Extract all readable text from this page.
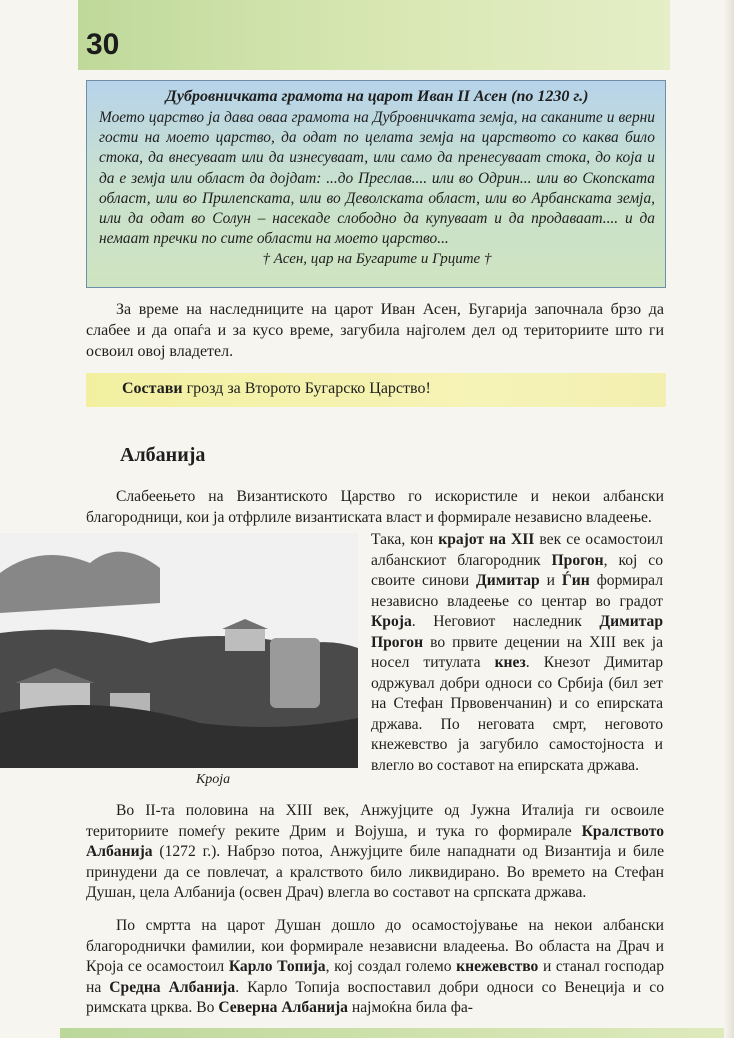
30
Дубровничката грамота на царот Иван II Асен (по 1230 г.)
Моето царство ја дава оваа грамота на Дубровничката земја, на саканите и верни гости на моето царство, да одат по целата земја на царството со каква било стока, да внесуваат или да изнесуваат, или само да пренесуваат стока, до која и да е земја или област да дојдат: ...до Преслав.... или во Одрин... или во Скопската област, или во Прилепската, или во Деволската област, или во Арбанската земја, или да одат во Солун – насекаде слободно да купуваат и да продаваат.... и да немаат пречки по сите области на моето царство...
† Асен, цар на Бугарите и Грците †
За време на наследниците на царот Иван Асен, Бугарија започнала брзо да слабее и да опаѓа и за кусо време, загубила најголем дел од териториите што ги освоил овој владетел.
Состави грозд за Второто Бугарско Царство!
Албанија
Слабеењето на Византиското Царство го искористиле и некои албански благородници, кои ја отфрлиле византиската власт и формирале независно владеење.
Кроја
Така, кон крајот на XII век се осамостоил албанскиот благородник Прогон, кој со своите синови Димитар и Ѓин формирал независно владеење со центар во градот Кроја. Неговиот наследник Димитар Прогон во првите децении на XIII век ја носел титулата кнез. Кнезот Димитар одржувал добри односи со Србија (бил зет на Стефан Првовенчанин) и со епирската држава. По неговата смрт, неговото кнежевство ја загубило самостојноста и влегло во составот на епирската држава.
Во II-та половина на XIII век, Анжујците од Јужна Италија ги освоиле териториите помеѓу реките Дрим и Војуша, и тука го формирале Кралството Албанија (1272 г.). Набрзо потоа, Анжујците биле нападнати од Византија и биле принудени да се повлечат, а кралството било ликвидирано. Во времето на Стефан Душан, цела Албанија (освен Драч) влегла во составот на српската држава.
По смртта на царот Душан дошло до осамостојување на некои албански благороднички фамилии, кои формирале независни владеења. Во областа на Драч и Кроја се осамостоил Карло Топија, кој создал големо кнежевство и станал господар на Средна Албанија. Карло Топија воспоставил добри односи со Венеција и со римската црква. Во Северна Албанија најмоќна била фа-
